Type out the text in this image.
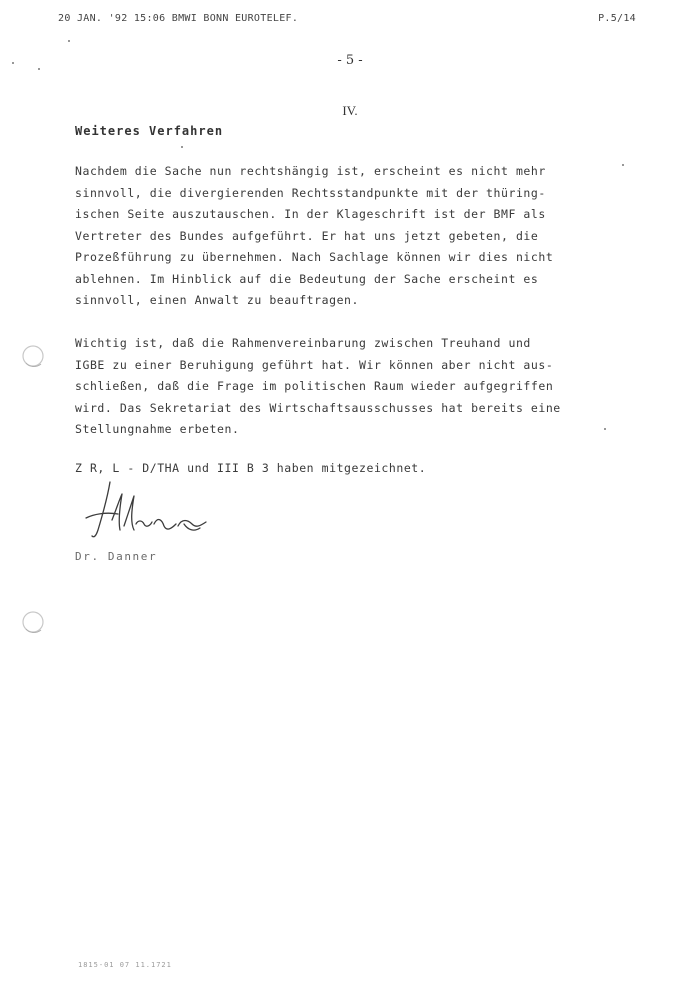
20 JAN. '92 15:06 BMWI BONN EUROTELEF.	P.5/14
- 5 -
IV.
Weiteres Verfahren
Nachdem die Sache nun rechtshängig ist, erscheint es nicht mehr
sinnvoll, die divergierenden Rechtsstandpunkte mit der thüring-
ischen Seite auszutauschen. In der Klageschrift ist der BMF als
Vertreter des Bundes aufgeführt. Er hat uns jetzt gebeten, die
Prozeßführung zu übernehmen. Nach Sachlage können wir dies nicht
ablehnen. Im Hinblick auf die Bedeutung der Sache erscheint es
sinnvoll, einen Anwalt zu beauftragen.
Wichtig ist, daß die Rahmenvereinbarung zwischen Treuhand und
IGBE zu einer Beruhigung geführt hat. Wir können aber nicht aus-
schließen, daß die Frage im politischen Raum wieder aufgegriffen
wird. Das Sekretariat des Wirtschaftsausschusses hat bereits eine
Stellungnahme erbeten.
Z R, L - D/THA und III B 3 haben mitgezeichnet.
Dr. Danner
1815-01 07 11.1721
